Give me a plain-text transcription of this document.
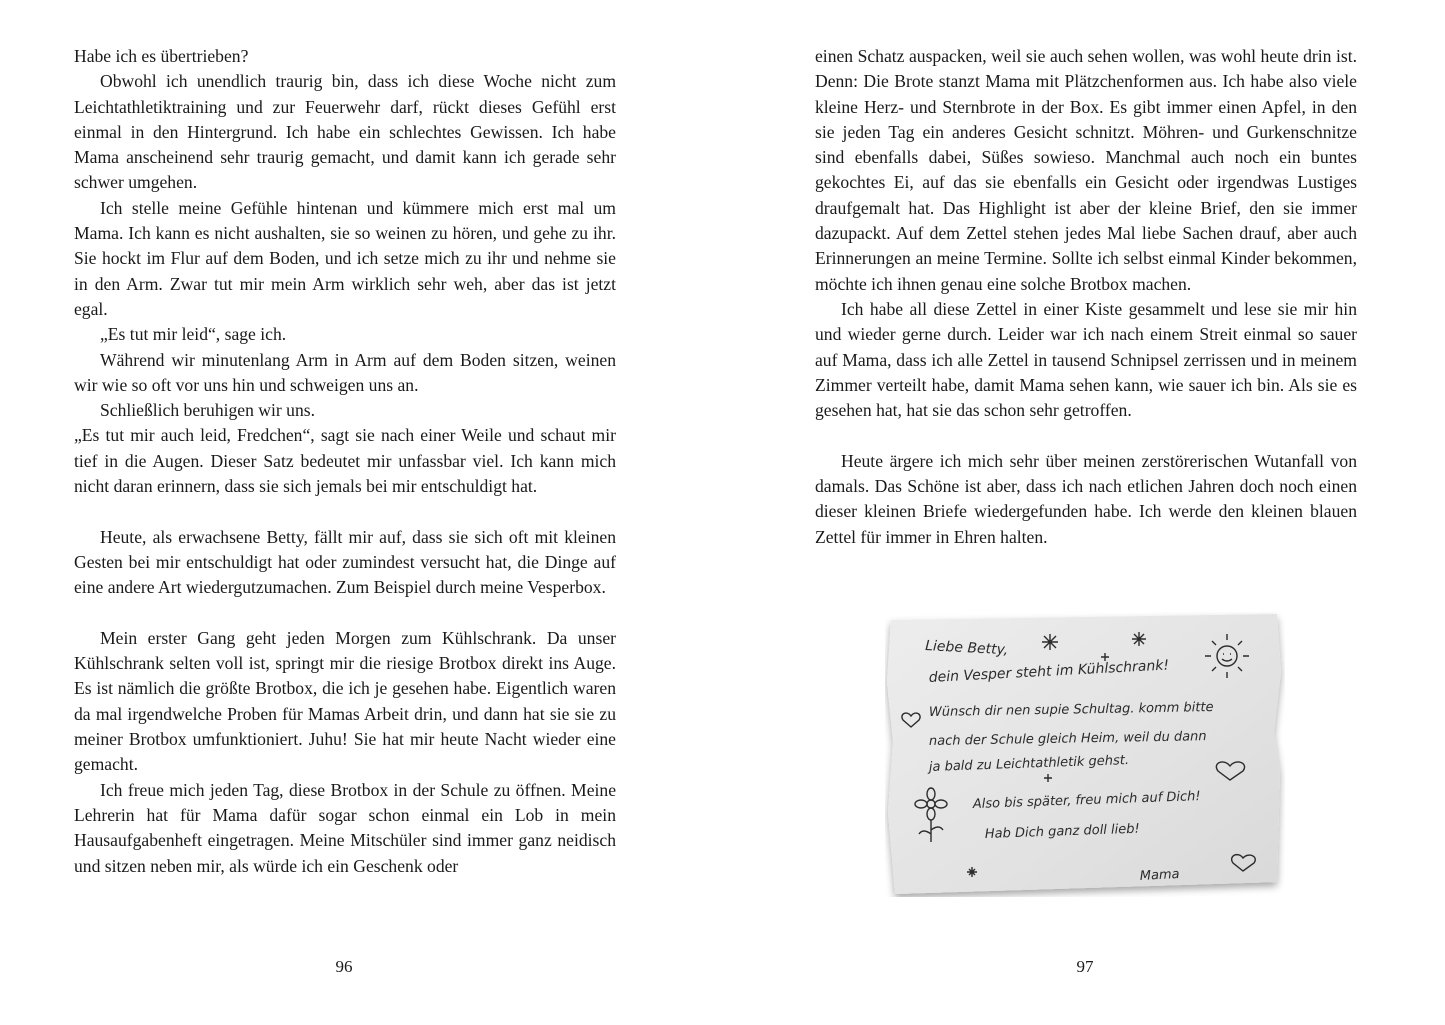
Habe ich es übertrieben?

Obwohl ich unendlich traurig bin, dass ich diese Woche nicht zum Leichtathletiktraining und zur Feuerwehr darf, rückt dieses Gefühl erst einmal in den Hintergrund. Ich habe ein schlechtes Gewissen. Ich habe Mama anscheinend sehr traurig gemacht, und damit kann ich gerade sehr schwer umgehen.

Ich stelle meine Gefühle hintenan und kümmere mich erst mal um Mama. Ich kann es nicht aushalten, sie so weinen zu hören, und gehe zu ihr. Sie hockt im Flur auf dem Boden, und ich setze mich zu ihr und nehme sie in den Arm. Zwar tut mir mein Arm wirklich sehr weh, aber das ist jetzt egal.

„Es tut mir leid“, sage ich.

Während wir minutenlang Arm in Arm auf dem Boden sitzen, weinen wir wie so oft vor uns hin und schweigen uns an.

Schließlich beruhigen wir uns.

„Es tut mir auch leid, Fredchen“, sagt sie nach einer Weile und schaut mir tief in die Augen. Dieser Satz bedeutet mir unfassbar viel. Ich kann mich nicht daran erinnern, dass sie sich jemals bei mir entschuldigt hat.

Heute, als erwachsene Betty, fällt mir auf, dass sie sich oft mit kleinen Gesten bei mir entschuldigt hat oder zumindest versucht hat, die Dinge auf eine andere Art wiedergutzumachen. Zum Beispiel durch meine Vesperbox.

Mein erster Gang geht jeden Morgen zum Kühlschrank. Da unser Kühlschrank selten voll ist, springt mir die riesige Brotbox direkt ins Auge. Es ist nämlich die größte Brotbox, die ich je gesehen habe. Eigentlich waren da mal irgendwelche Proben für Mamas Arbeit drin, und dann hat sie sie zu meiner Brotbox umfunktioniert. Juhu! Sie hat mir heute Nacht wieder eine gemacht.

Ich freue mich jeden Tag, diese Brotbox in der Schule zu öffnen. Meine Lehrerin hat für Mama dafür sogar schon einmal ein Lob in mein Hausaufgabenheft eingetragen. Meine Mitschüler sind immer ganz neidisch und sitzen neben mir, als würde ich ein Geschenk oder

96

einen Schatz auspacken, weil sie auch sehen wollen, was wohl heute drin ist. Denn: Die Brote stanzt Mama mit Plätzchenformen aus. Ich habe also viele kleine Herz- und Sternbrote in der Box. Es gibt immer einen Apfel, in den sie jeden Tag ein anderes Gesicht schnitzt. Möhren- und Gurkenschnitze sind ebenfalls dabei, Süßes sowieso. Manchmal auch noch ein buntes gekochtes Ei, auf das sie ebenfalls ein Gesicht oder irgendwas Lustiges draufgemalt hat. Das Highlight ist aber der kleine Brief, den sie immer dazupackt. Auf dem Zettel stehen jedes Mal liebe Sachen drauf, aber auch Erinnerungen an meine Termine. Sollte ich selbst einmal Kinder bekommen, möchte ich ihnen genau eine solche Brotbox machen.

Ich habe all diese Zettel in einer Kiste gesammelt und lese sie mir hin und wieder gerne durch. Leider war ich nach einem Streit einmal so sauer auf Mama, dass ich alle Zettel in tausend Schnipsel zerrissen und in meinem Zimmer verteilt habe, damit Mama sehen kann, wie sauer ich bin. Als sie es gesehen hat, hat sie das schon sehr getroffen.

Heute ärgere ich mich sehr über meinen zerstörerischen Wutanfall von damals. Das Schöne ist aber, dass ich nach etlichen Jahren doch noch einen dieser kleinen Briefe wiedergefunden habe. Ich werde den kleinen blauen Zettel für immer in Ehren halten.

97
Liebe Betty,
dein Vesper steht im Kühlschrank!
Wünsch dir nen supie Schultag. komm bitte
nach der Schule gleich Heim, weil du dann
ja bald zu Leichtathletik gehst.
Also bis später, freu mich auf Dich!
Hab Dich ganz doll lieb!
Mama
